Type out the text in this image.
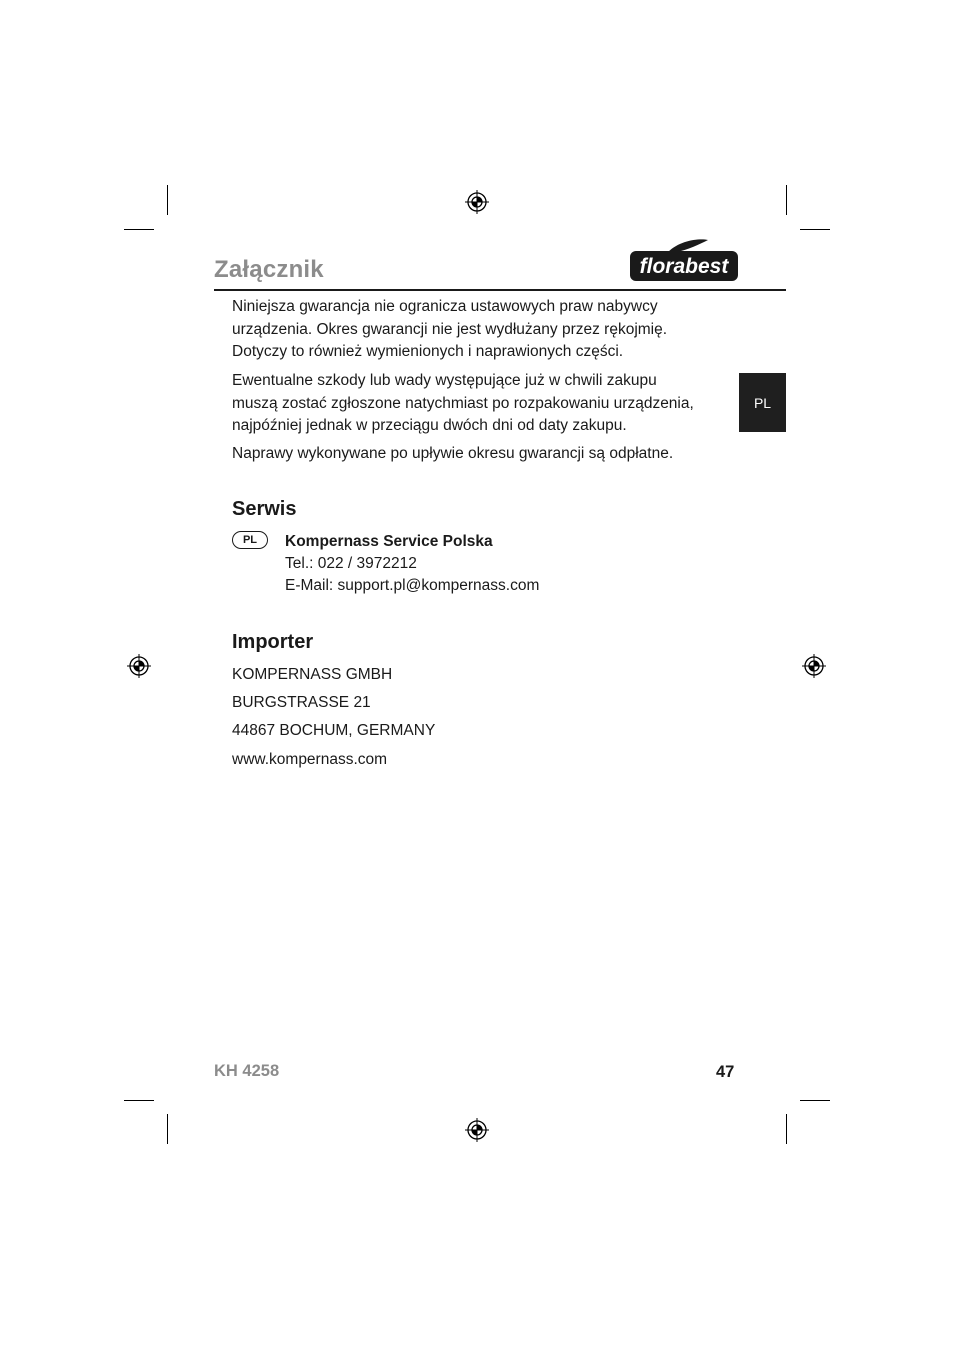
Załącznik	florabest
PL

Niniejsza gwarancja nie ogranicza ustawowych praw nabywcy

urządzenia. Okres gwarancji nie jest wydłużany przez rękojmię.

Dotyczy to również wymienionych i naprawionych części.

Ewentualne szkody lub wady występujące już w chwili zakupu

muszą zostać zgłoszone natychmiast po rozpakowaniu urządzenia,

najpóźniej jednak w przeciągu dwóch dni od daty zakupu.

Naprawy wykonywane po upływie okresu gwarancji są odpłatne.

Serwis
PL	Kompernass Service Polska
Tel.: 022 / 3972212
E-Mail: support.pl@kompernass.com
Importer
KOMPERNASS GMBH
BURGSTRASSE 21
44867 BOCHUM, GERMANY
www.kompernass.com
KH 4258	47
